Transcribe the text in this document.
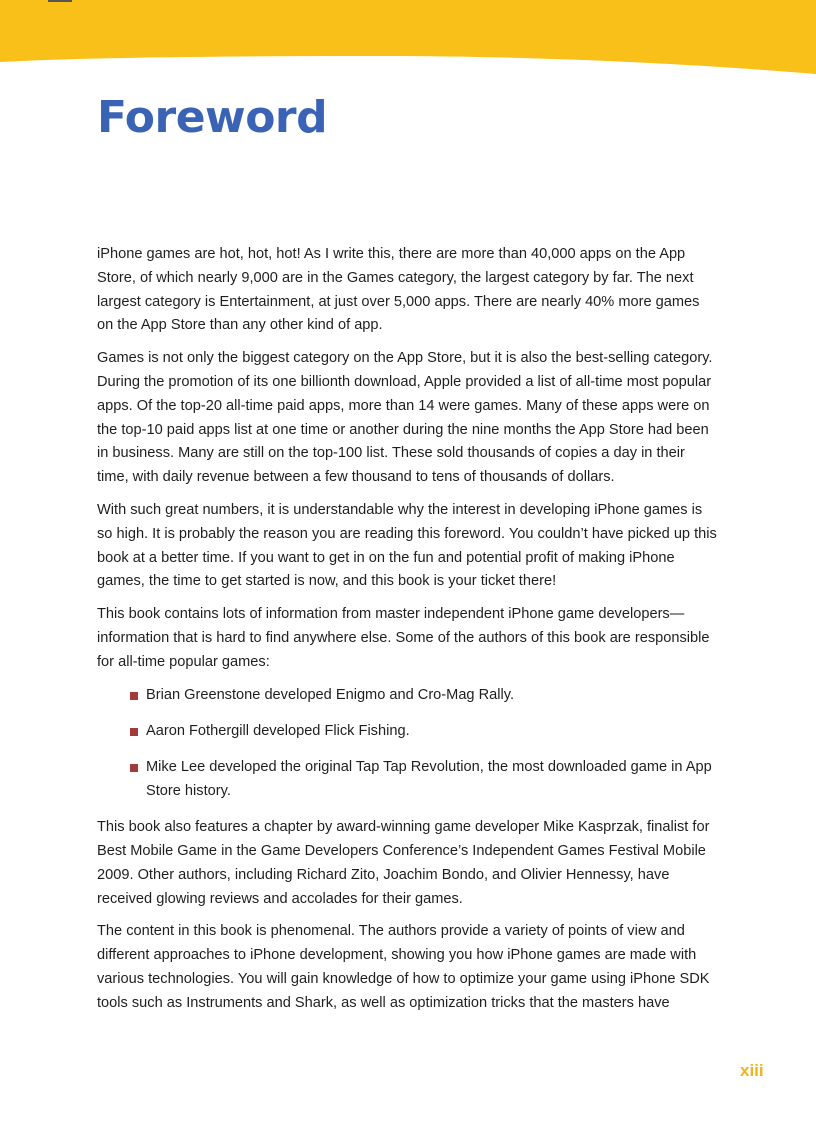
Foreword

iPhone games are hot, hot, hot! As I write this, there are more than 40,000 apps on the App Store, of which nearly 9,000 are in the Games category, the largest category by far. The next largest category is Entertainment, at just over 5,000 apps. There are nearly 40% more games on the App Store than any other kind of app.

Games is not only the biggest category on the App Store, but it is also the best-selling category. During the promotion of its one billionth download, Apple provided a list of all-time most popular apps. Of the top-20 all-time paid apps, more than 14 were games. Many of these apps were on the top-10 paid apps list at one time or another during the nine months the App Store had been in business. Many are still on the top-100 list. These sold thousands of copies a day in their time, with daily revenue between a few thousand to tens of thousands of dollars.

With such great numbers, it is understandable why the interest in developing iPhone games is so high. It is probably the reason you are reading this foreword. You couldn’t have picked up this book at a better time. If you want to get in on the fun and potential profit of making iPhone games, the time to get started is now, and this book is your ticket there!

This book contains lots of information from master independent iPhone game developers—information that is hard to find anywhere else. Some of the authors of this book are responsible for all-time popular games:

Brian Greenstone developed Enigmo and Cro-Mag Rally.
Aaron Fothergill developed Flick Fishing.
Mike Lee developed the original Tap Tap Revolution, the most downloaded game in App Store history.

This book also features a chapter by award-winning game developer Mike Kasprzak, finalist for Best Mobile Game in the Game Developers Conference’s Independent Games Festival Mobile 2009. Other authors, including Richard Zito, Joachim Bondo, and Olivier Hennessy, have received glowing reviews and accolades for their games.

The content in this book is phenomenal. The authors provide a variety of points of view and different approaches to iPhone development, showing you how iPhone games are made with various technologies. You will gain knowledge of how to optimize your game using iPhone SDK tools such as Instruments and Shark, as well as optimization tricks that the masters have

xiii
